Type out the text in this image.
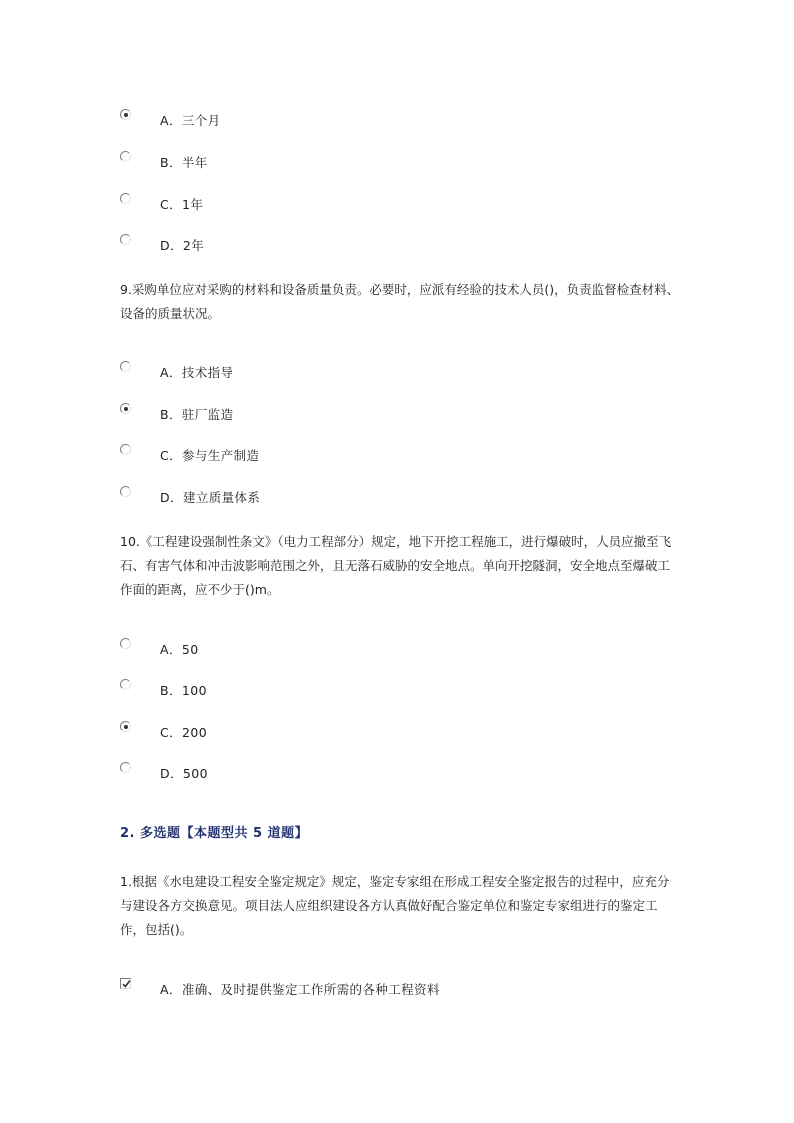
A．三个月
B．半年
C．1年
D．2年
9.采购单位应对采购的材料和设备质量负责。必要时，应派有经验的技术人员()，负责监督检查材料、设备的质量状况。
A．技术指导
B．驻厂监造
C．参与生产制造
D．建立质量体系
10.《工程建设强制性条文》（电力工程部分）规定，地下开挖工程施工，进行爆破时，人员应撤至飞石、有害气体和冲击波影响范围之外，且无落石威胁的安全地点。单向开挖隧洞，安全地点至爆破工作面的距离，应不少于()m。
A．50
B．100
C．200
D．500
2. 多选题【本题型共 5 道题】
1.根据《水电建设工程安全鉴定规定》规定，鉴定专家组在形成工程安全鉴定报告的过程中，应充分与建设各方交换意见。项目法人应组织建设各方认真做好配合鉴定单位和鉴定专家组进行的鉴定工作，包括()。
A．准确、及时提供鉴定工作所需的各种工程资料
